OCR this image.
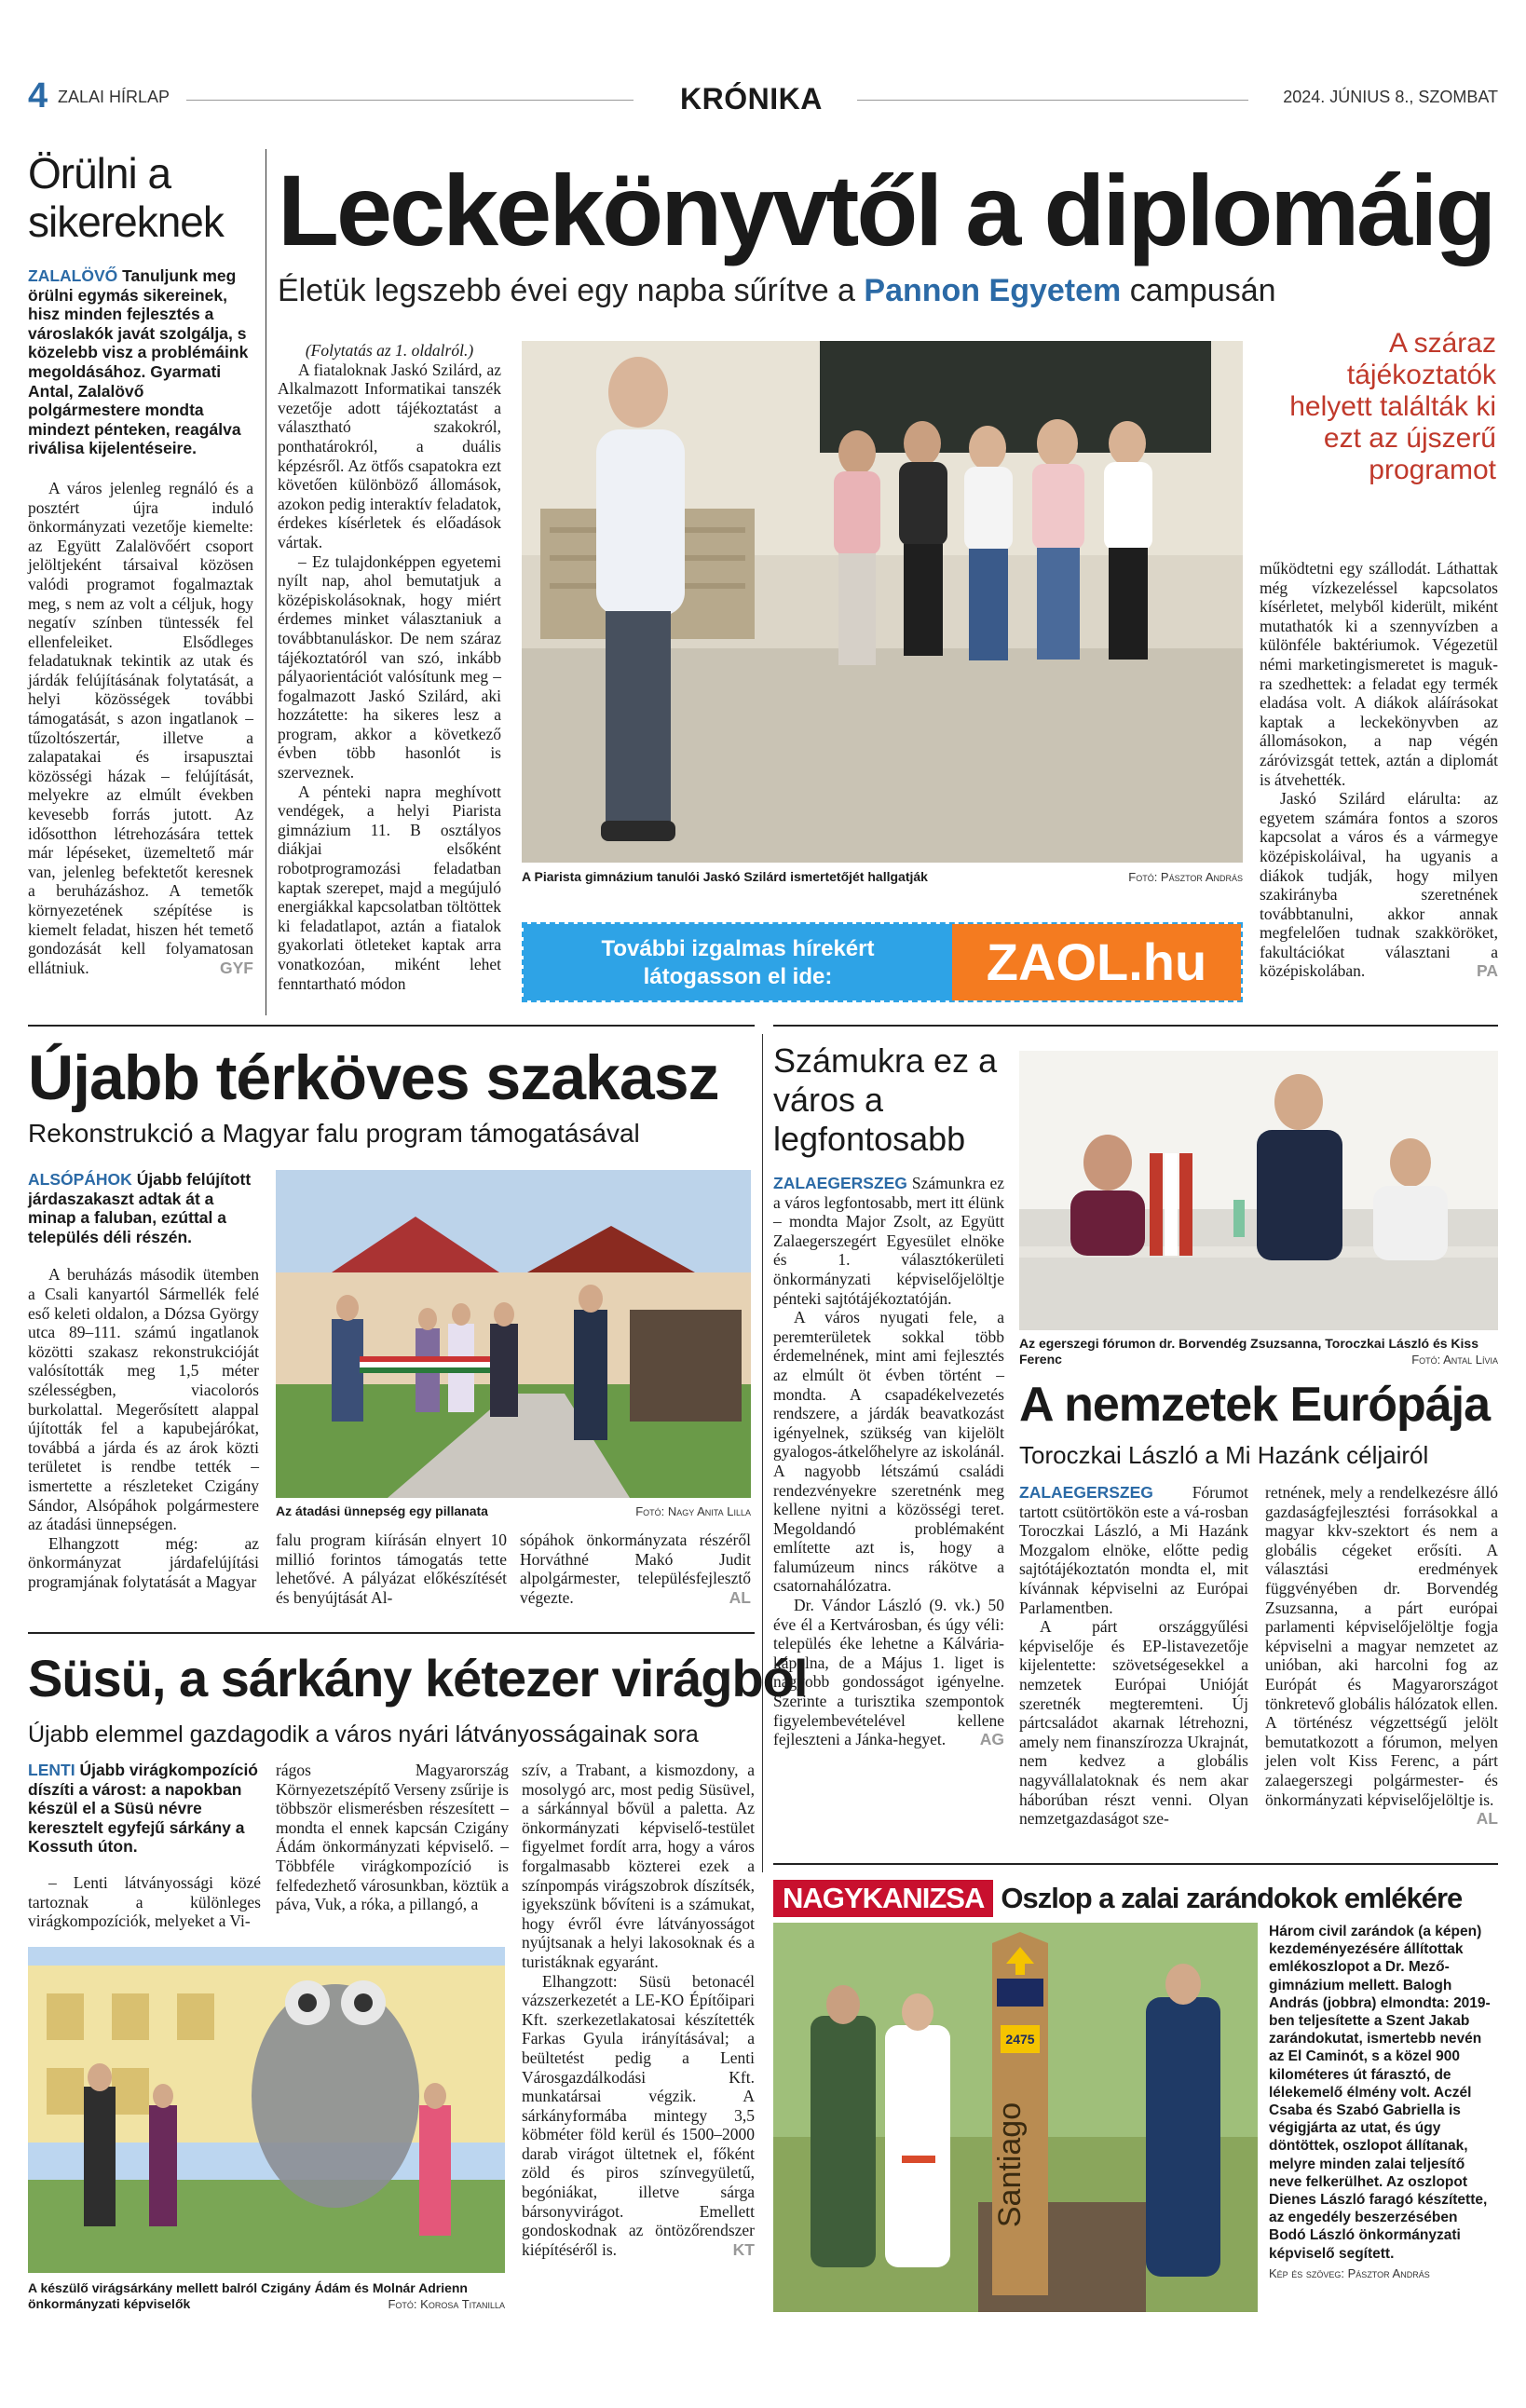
4 ZALAI HÍRLAP	KRÓNIKA	2024. JÚNIUS 8., SZOMBAT
Örülni a sikereknek
ZALALÖVŐ Tanuljunk meg örülni egymás sikereinek, hisz minden fejlesztés a városlakók javát szolgálja, s közelebb visz a problémáink megoldásához. Gyarmati Antal, Zalalövő polgármestere mondta mindezt pénteken, reagálva riválisa kijelentéseire.

A város jelenleg regnáló és a posztért újra induló önkormányzati vezetője kiemelte: az Együtt Zalalövőért csoport jelöltjeként társaival közösen valódi programot fogalmaztak meg, s nem az volt a céljuk, hogy negatív színben tüntessék fel ellenfeleiket. Elsődleges feladatuknak tekintik az utak és járdák felújításának folytatását, a helyi közösségek további támogatását, s azon ingatlanok – tűzoltószertár, illetve a zalapatakai és irsapusztai közösségi házak – felújítását, melyekre az elmúlt években kevesebb forrás jutott. Az idősotthon létrehozására tettek már lépéseket, üzemeltető már van, jelenleg befektetőt keresnek a beruházáshoz. A temetők környezetének szépítése is kiemelt feladat, hiszen hét temető gondozását kell folyamatosan ellátniuk.	GYF

Leckekönyvtől a diplomáig
Életük legszebb évei egy napba sűrítve a Pannon Egyetem campusán
(Folytatás az 1. oldalról.)

A fiataloknak Jaskó Szilárd, az Alkalmazott Informatikai tanszék vezetője adott tájékoztatást a választható szakokról, ponthatárokról, a duális képzésről. Az ötfős csapatokra ezt követően különböző állomások, azokon pedig interaktív feladatok, érdekes kísérletek és előadások vártak.

– Ez tulajdonképpen egyetemi nyílt nap, ahol bemutatjuk a középiskolásoknak, hogy miért érdemes minket választaniuk a továbbtanuláskor. De nem száraz tájékoztatóról van szó, inkább pályaorientációt valósítunk meg – fogalmazott Jaskó Szilárd, aki hozzátette: ha sikeres lesz a program, akkor a következő évben több hasonlót is szerveznek.

A pénteki napra meghívott vendégek, a helyi Piarista gimnázium 11. B osztályos diákjai elsőként robotprogramozási feladatban kaptak szerepet, majd a megújuló energiákkal kapcsolatban töltöttek ki feladatlapot, aztán a fiatalok gyakorlati ötleteket kaptak arra vonatkozóan, miként lehet fenntartható módon

Fotó: Pásztor András
A Piarista gimnázium tanulói Jaskó Szilárd ismertetőjét hallgatják
További izgalmas hírekért
látogasson el ide:	ZAOL.hu
A száraz tájékoztatók helyett találták ki ezt az újszerű programot

működtetni egy szállodát. Láthattak még vízkezeléssel kapcsolatos kísérletet, melyből kiderült, miként mutathatók ki a szennyvízben a különféle baktériumok. Végezetül némi marketingismeretet is maguk-ra szedhettek: a feladat egy termék eladása volt. A diákok aláírásokat kaptak a leckekönyvben az állomásokon, a nap végén záróvizsgát tettek, aztán a diplomát is átvehették.

Jaskó Szilárd elárulta: az egyetem számára fontos a szoros kapcsolat a város és a vármegye középiskoláival, ha ugyanis a diákok tudják, hogy milyen szakirányba szeretnének továbbtanulni, akkor annak megfelelően tudnak szakköröket, fakultációkat választani a középiskolában.	PA

Újabb térköves szakasz
Rekonstrukció a Magyar falu program támogatásával
ALSÓPÁHOK Újabb felújított járdaszakaszt adtak át a minap a faluban, ezúttal a település déli részén.

A beruházás második ütemben a Csali kanyartól Sármellék felé eső keleti oldalon, a Dózsa György utca 89–111. számú ingatlanok közötti szakasz rekonstrukcióját valósították meg 1,5 méter szélességben, viacolorós burkolattal. Megerősített alappal újították fel a kapubejárókat, továbbá a járda és az árok közti területet is rendbe tették – ismertette a részleteket Czigány Sándor, Alsópáhok polgármestere az átadási ünnepségen.

Elhangzott még: az önkormányzat járdafelújítási programjának folytatását a Magyar

Fotó: Nagy Anita Lilla
Az átadási ünnepség egy pillanata

falu program kiírásán elnyert 10 millió forintos támogatás tette lehetővé. A pályázat előkészítését és benyújtását Al-

sópáhok önkormányzata részéről Horváthné Makó Judit alpolgármester, településfejlesztő végezte.	AL

Számukra ez a város a legfontosabb

ZALAEGERSZEG Számunkra ez a város legfontosabb, mert itt élünk – mondta Major Zsolt, az Együtt Zalaegerszegért Egyesület elnöke és 1. választókerületi önkormányzati képviselőjelöltje pénteki sajtótájékoztatóján.

A város nyugati fele, a peremterületek sokkal több érdemelnének, mint ami fejlesztés az elmúlt öt évben történt – mondta. A csapadékelvezetés rendszere, a járdák beavatkozást igényelnek, szükség van kijelölt gyalogos-átkelőhelyre az iskolánál. A nagyobb létszámú családi rendezvényekre szeretnénk meg kellene nyitni a közösségi teret. Megoldandó problémaként említette azt is, hogy a falumúzeum nincs rákötve a csatornahálózatra.

Dr. Vándor László (9. vk.) 50 éve él a Kertvárosban, és úgy véli: település éke lehetne a Kálvária-kápolna, de a Május 1. liget is nagyobb gondosságot igényelne. Szerinte a turisztika szempontok figyelembevételével kellene fejleszteni a Jánka-hegyet.	AG

Az egerszegi fórumon dr. Borvendég Zsuzsanna, Toroczkai László és Kiss Ferenc	Fotó: Antal Lívia
A nemzetek Európája
Toroczkai László a Mi Hazánk céljairól

ZALAEGERSZEG Fórumot tartott csütörtökön este a vá-rosban Toroczkai László, a Mi Hazánk Mozgalom elnöke, előtte pedig sajtótájékoztatón mondta el, mit kívánnak képviselni az Európai Parlamentben.

A párt országgyűlési képviselője és EP-listavezetője kijelentette: szövetségesekkel a nemzetek Európai Unióját szeretnék megteremteni. Új pártcsaládot akarnak létrehozni, amely nem finanszírozza Ukrajnát, nem kedvez a globális nagyvállalatoknak és nem akar háborúban részt venni. Olyan nemzetgazdaságot sze-

retnének, mely a rendelkezésre álló gazdaságfejlesztési forrásokkal a magyar kkv-szektort és nem a globális cégeket erősíti. A választási eredmények függvényében dr. Borvendég Zsuzsanna, a párt európai parlamenti képviselőjelöltje fogja képviselni a magyar nemzetet az unióban, aki harcolni fog az Európát és Magyarországot tönkretevő globális hálózatok ellen. A történész végzettségű jelölt bemutatkozott a fórumon, melyen jelen volt Kiss Ferenc, a párt zalaegerszegi polgármester- és önkormányzati képviselőjelöltje is.
AL

Süsü, a sárkány kétezer virágból
Újabb elemmel gazdagodik a város nyári látványosságainak sora
LENTI Újabb virágkompozíció díszíti a várost: a napokban készül el a Süsü névre keresztelt egyfejű sárkány a Kossuth úton.

– Lenti látványossági közé tartoznak a különleges virágkompozíciók, melyeket a Vi-

rágos Magyarország Környezetszépítő Verseny zsűrije is többször elismerésben részesített – mondta el ennek kapcsán Czigány Ádám önkormányzati képviselő. – Többféle virágkompozíció is felfedezhető városunkban, köztük a páva, Vuk, a róka, a pillangó, a

szív, a Trabant, a kismozdony, a mosolygó arc, most pedig Süsüvel, a sárkánnyal bővül a paletta. Az önkormányzati képviselő-testület figyelmet fordít arra, hogy a város forgalmasabb közterei ezek a színpompás virágszobrok díszítsék, igyekszünk bővíteni is a számukat, hogy évről évre látványosságot nyújtsanak a helyi lakosoknak és a turistáknak egyaránt.

Elhangzott: Süsü betonacél vázszerkezetét a LE-KO Építőipari Kft. szerkezetlakatosai készítették Farkas Gyula irányításával; a beültetést pedig a Lenti Városgazdálkodási Kft. munkatársai végzik. A sárkányformába mintegy 3,5 köbméter föld kerül és 1500–2000 darab virágot ültetnek el, főként zöld és piros színvegyületű, begóniákat, illetve sárga bársonyvirágot. Emellett gondoskodnak az öntözőrendszer kiépítéséről is.	KT

A készülő virágsárkány mellett balról Czigány Ádám és Molnár Adrienn önkormányzati képviselők	Fotó: Korosa Titanilla
NAGYKANIZSA Oszlop a zalai zarándokok emlékére
2475
Santiago
Három civil zarándok (a képen) kezdeményezésére állítottak emlékoszlopot a Dr. Mező-gimnázium mellett. Balogh András (jobbra) elmondta: 2019-ben teljesítette a Szent Jakab zarándokutat, ismertebb nevén az El Caminót, s a közel 900 kilométeres út fárasztó, de lélekemelő élmény volt. Aczél Csaba és Szabó Gabriella is végigjárta az utat, és úgy döntöttek, oszlopot állítanak, melyre minden zalai teljesítő neve felkerülhet. Az oszlopot Dienes László faragó készítette, az engedély beszerzésében Bodó László önkormányzati képviselő segített.
Kép és szöveg: Pásztor András
